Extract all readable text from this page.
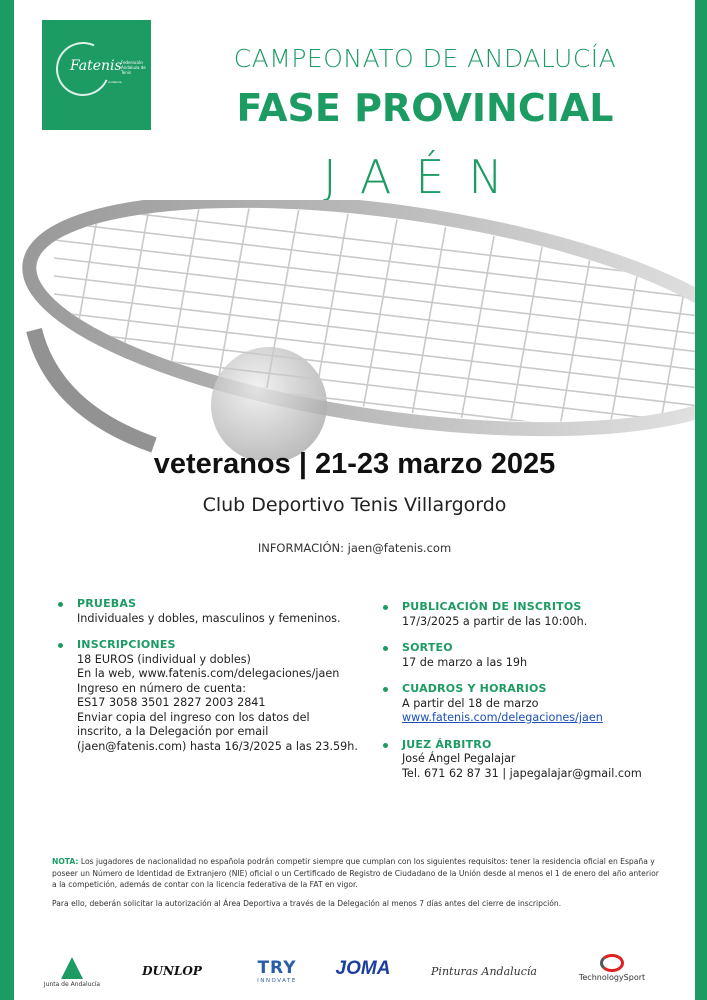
Fatenis Federación Andaluza de Tenis
andaluza
CAMPEONATO DE ANDALUCÍA
FASE PROVINCIAL
JAÉN
veteranos | 21-23 marzo 2025
Club Deportivo Tenis Villargordo
INFORMACIÓN: jaen@fatenis.com
PRUEBAS
Individuales y dobles, masculinos y femeninos.
INSCRIPCIONES
18 EUROS (individual y dobles)
En la web, www.fatenis.com/delegaciones/jaen
Ingreso en número de cuenta:
ES17 3058 3501 2827 2003 2841
Enviar copia del ingreso con los datos del
inscrito, a la Delegación por email
(jaen@fatenis.com) hasta 16/3/2025 a las 23.59h.
PUBLICACIÓN DE INSCRITOS
17/3/2025 a partir de las 10:00h.
SORTEO
17 de marzo a las 19h
CUADROS Y HORARIOS
A partir del 18 de marzo
www.fatenis.com/delegaciones/jaen
JUEZ ÁRBITRO
José Ángel Pegalajar
Tel. 671 62 87 31 | japegalajar@gmail.com
NOTA: Los jugadores de nacionalidad no española podrán competir siempre que cumplan con los siguientes requisitos: tener la residencia oficial en España y poseer un Número de Identidad de Extranjero (NIE) oficial o un Certificado de Registro de Ciudadano de la Unión desde al menos el 1 de enero del año anterior a la competición, además de contar con la licencia federativa de la FAT en vigor.
Para ello, deberán solicitar la autorización al Área Deportiva a través de la Delegación al menos 7 días antes del cierre de inscripción.
Junta de Andalucía
DUNLOP	TRY
INNOVATE
JOMA	Pinturas Andalucía	TechnologySport
